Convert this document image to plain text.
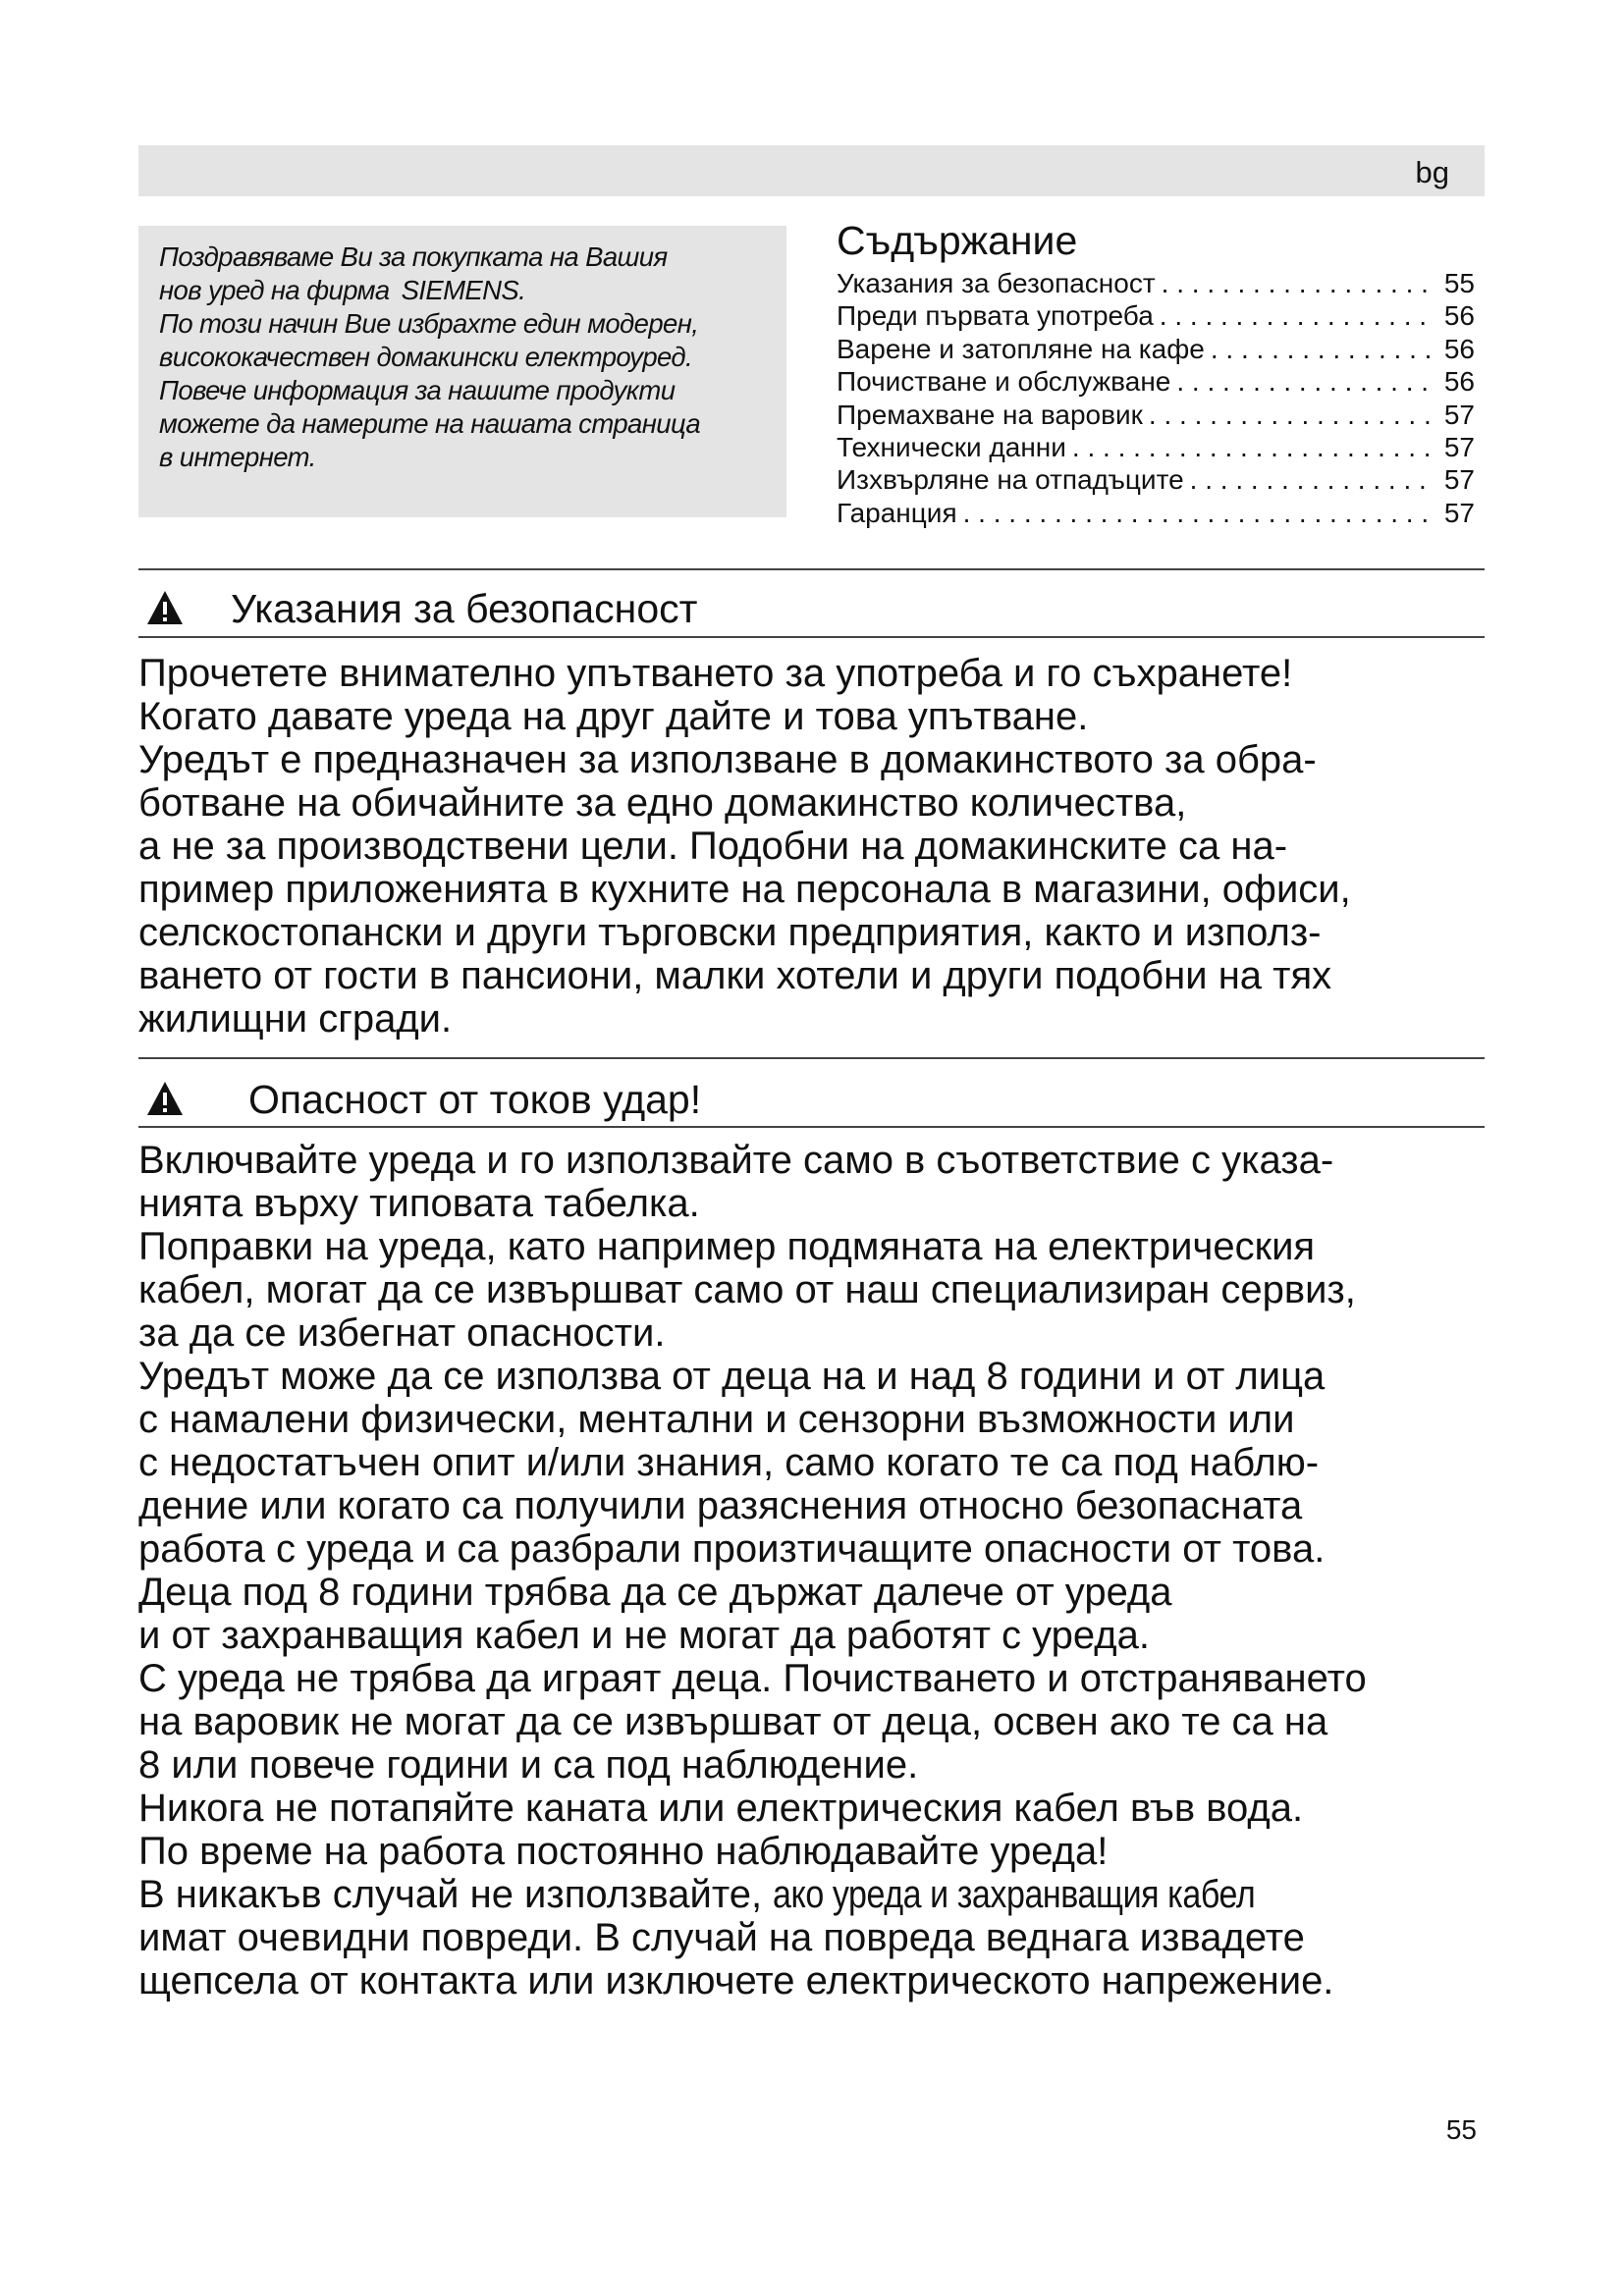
bg
Поздравяваме Ви за покупката на Вашия
нов уред на фирма SIEMENS.
По този начин Вие избрахте един модерен,
висококачествен домакински електроуред.
Повече информация за нашите продукти
можете да намерите на нашата страница
в интернет.
Съдържание
Указания за безопасност . . .	55
Преди първата употреба . . .	56
Варене и затопляне на кафе . . .	56
Почистване и обслужване . . .	56
Премахване на варовик . . .	57
Технически данни . . .	57
Изхвърляне на отпадъците . . .	57
Гаранция . . .	57
Указания за безопасност
Прочетете внимателно упътването за употреба и го съхранете!
Когато давате уреда на друг дайте и това упътване.
Уредът е предназначен за използване в домакинството за обра-
ботване на обичайните за едно домакинство количества,
а не за производствени цели. Подобни на домакинските са на-
пример приложенията в кухните на персонала в магазини, офиси,
селскостопански и други търговски предприятия, както и използ-
ването от гости в пансиони, малки хотели и други подобни на тях
жилищни сгради.
Опасност от токов удар!
Включвайте уреда и го използвайте само в съответствие с указа-
нията върху типовата табелка.
Поправки на уреда, като например подмяната на електрическия
кабел, могат да се извършват само от наш специализиран сервиз,
за да се избегнат опасности.
Уредът може да се използва от деца на и над 8 години и от лица
с намалени физически, ментални и сензорни възможности или
с недостатъчен опит и/или знания, само когато те са под наблю-
дение или когато са получили разяснения относно безопасната
работа с уреда и са разбрали произтичащите опасности от това.
Деца под 8 години трябва да се държат далече от уреда
и от захранващия кабел и не могат да работят с уреда.
С уреда не трябва да играят деца. Почистването и отстраняването
на варовик не могат да се извършват от деца, освен ако те са на
8 или повече години и са под наблюдение.
Никога не потапяйте каната или електрическия кабел във вода.
По време на работа постоянно наблюдавайте уреда!
В никакъв случай не използвайте, ако уреда и захранващия кабел
имат очевидни повреди. В случай на повреда веднага извадете
щепсела от контакта или изключете електрическото напрежение.
55
